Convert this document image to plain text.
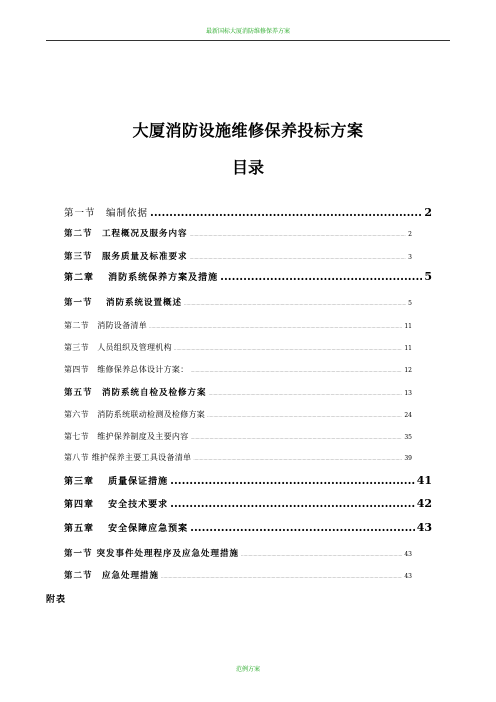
最新国标大厦消防维修保养方案
大厦消防设施维修保养投标方案
目录
第一节　编制依据 .....	2
第二节　工程概况及服务内容 .....	2
第三节　服务质量及标准要求 .....	3
第二章　 消防系统保养方案及措施 .....	5
第一节　 消防系统设置概述 .....	5
第二节　消防设备清单 .....	11
第三节　人员组织及管理机构 .....	11
第四节　维修保养总体设计方案： .....	12
第五节　消防系统自检及检修方案 .....	13
第六节　消防系统联动检测及检修方案 .....	24
第七节　维护保养制度及主要内容 .....	35
第八节 维护保养主要工具设备清单 .....	39
第三章　 质量保证措施 .....	41
第四章　 安全技术要求 .....	42
第五章　 安全保障应急预案 .....	43
第一节 突发事件处理程序及应急处理措施 .....	43
第二节　应急处理措施 .....	43
附表
范例方案
